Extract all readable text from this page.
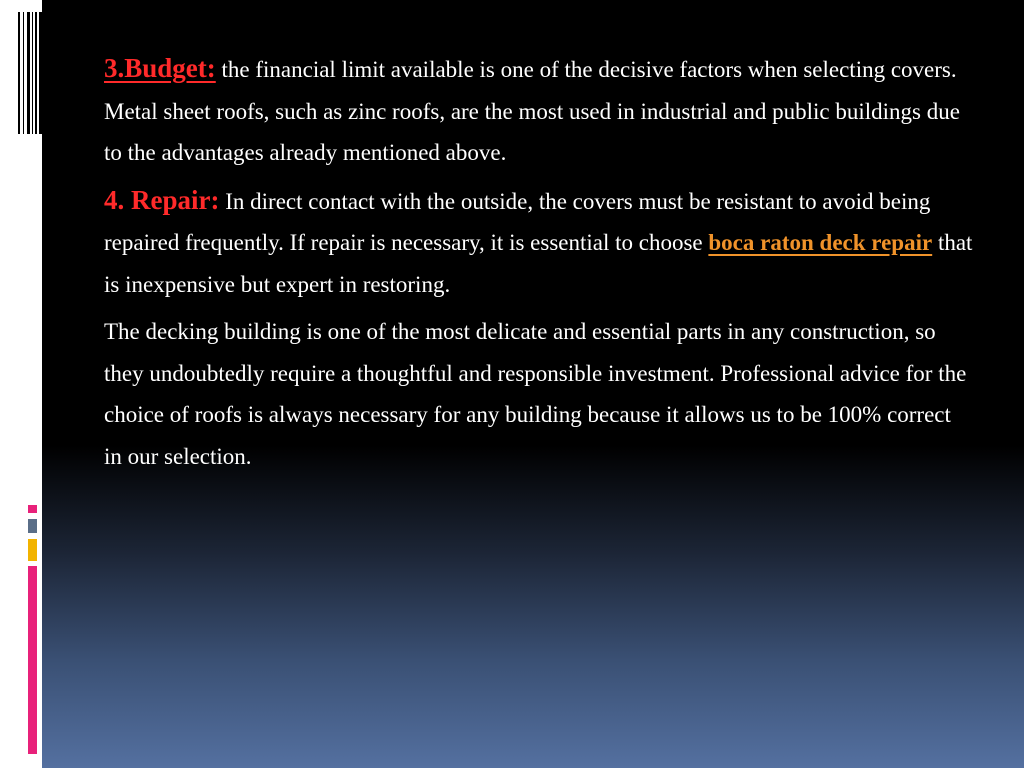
3.Budget: the financial limit available is one of the decisive factors when selecting covers. Metal sheet roofs, such as zinc roofs, are the most used in industrial and public buildings due to the advantages already mentioned above.

4. Repair: In direct contact with the outside, the covers must be resistant to avoid being repaired frequently. If repair is necessary, it is essential to choose boca raton deck repair that is inexpensive but expert in restoring.

The decking building is one of the most delicate and essential parts in any construction, so they undoubtedly require a thoughtful and responsible investment. Professional advice for the choice of roofs is always necessary for any building because it allows us to be 100% correct in our selection.
